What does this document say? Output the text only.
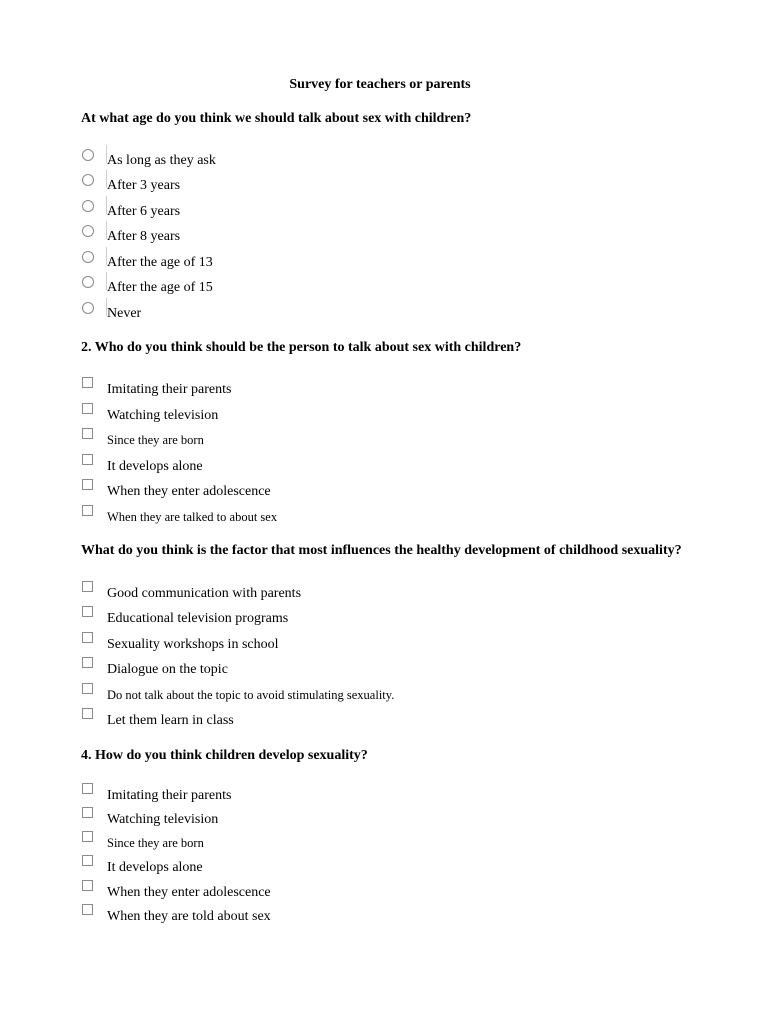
Survey for teachers or parents
At what age do you think we should talk about sex with children?
As long as they ask
After 3 years
After 6 years
After 8 years
After the age of 13
After the age of 15
Never
2. Who do you think should be the person to talk about sex with children?
Imitating their parents
Watching television
Since they are born
It develops alone
When they enter adolescence
When they are talked to about sex
What do you think is the factor that most influences the healthy development of childhood sexuality?
Good communication with parents
Educational television programs
Sexuality workshops in school
Dialogue on the topic
Do not talk about the topic to avoid stimulating sexuality.
Let them learn in class
4. How do you think children develop sexuality?
Imitating their parents
Watching television
Since they are born
It develops alone
When they enter adolescence
When they are told about sex
